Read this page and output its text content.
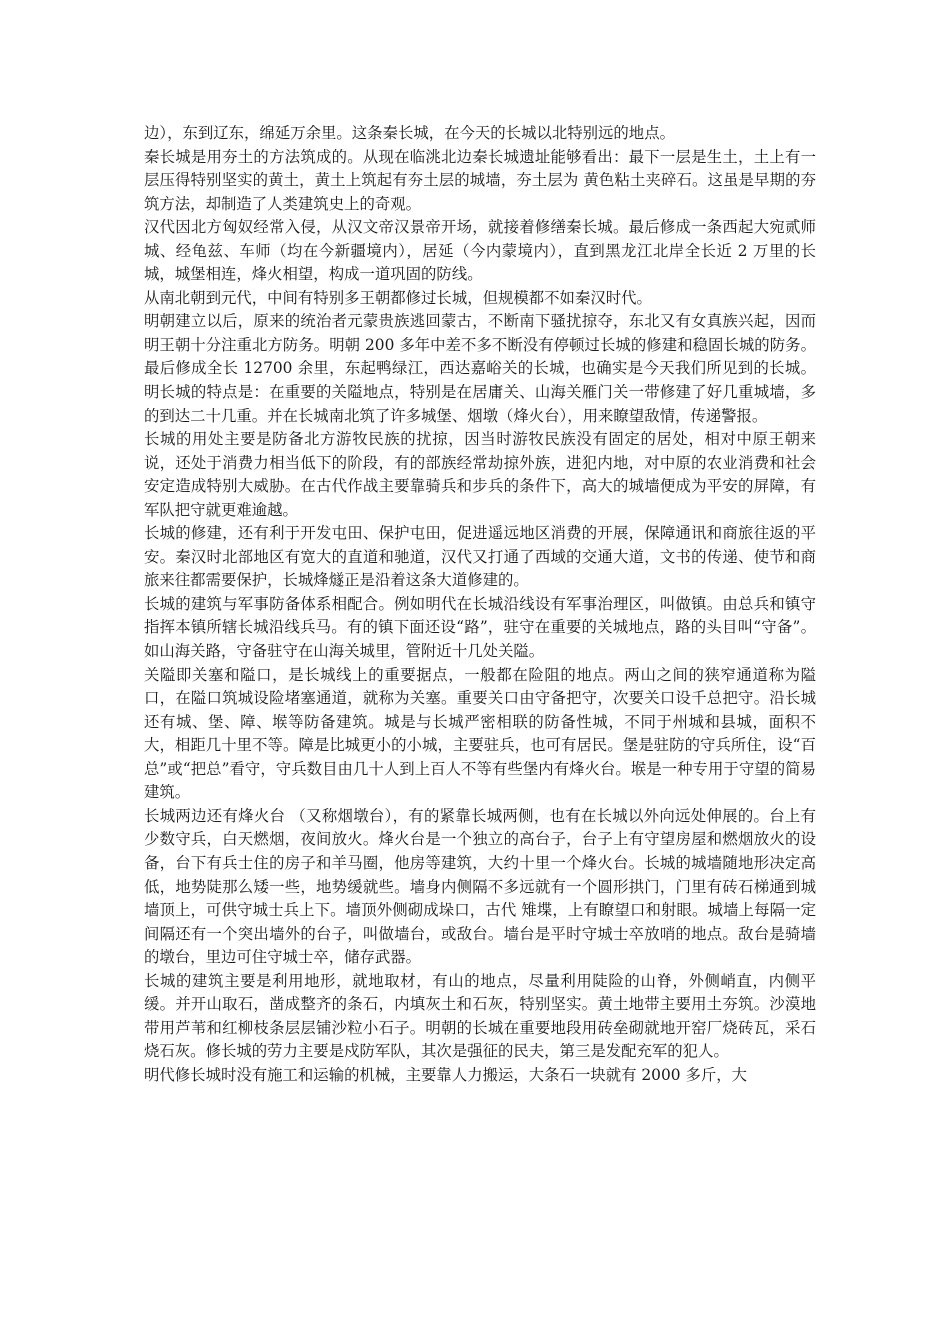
边），东到辽东，绵延万余里。这条秦长城，在今天的长城以北特别远的地点。

秦长城是用夯土的方法筑成的。从现在临洮北边秦长城遗址能够看出：最下一层是生土，土上有一层压得特别坚实的黄土，黄土上筑起有夯土层的城墙，夯土层为 黄色粘土夹碎石。这虽是早期的夯筑方法，却制造了人类建筑史上的奇观。

汉代因北方匈奴经常入侵，从汉文帝汉景帝开场，就接着修缮秦长城。最后修成一条西起大宛贰师城、经龟兹、车师（均在今新疆境内），居延（今内蒙境内），直到黑龙江北岸全长近 2 万里的长城，城堡相连，烽火相望，构成一道巩固的防线。

从南北朝到元代，中间有特别多王朝都修过长城，但规模都不如秦汉时代。

明朝建立以后，原来的统治者元蒙贵族逃回蒙古，不断南下骚扰掠夺，东北又有女真族兴起，因而明王朝十分注重北方防务。明朝 200 多年中差不多不断没有停顿过长城的修建和稳固长城的防务。最后修成全长 12700 余里，东起鸭绿江，西达嘉峪关的长城，也确实是今天我们所见到的长城。明长城的特点是：在重要的关隘地点，特别是在居庸关、山海关雁门关一带修建了好几重城墙，多的到达二十几重。并在长城南北筑了许多城堡、烟墩（烽火台），用来瞭望敌情，传递警报。

长城的用处主要是防备北方游牧民族的扰掠，因当时游牧民族没有固定的居处，相对中原王朝来说，还处于消费力相当低下的阶段，有的部族经常劫掠外族，进犯内地，对中原的农业消费和社会安定造成特别大威胁。在古代作战主要靠骑兵和步兵的条件下，高大的城墙便成为平安的屏障，有军队把守就更难逾越。

长城的修建，还有利于开发屯田、保护屯田，促进遥远地区消费的开展，保障通讯和商旅往返的平安。秦汉时北部地区有宽大的直道和驰道，汉代又打通了西域的交通大道，文书的传递、使节和商旅来往都需要保护，长城烽燧正是沿着这条大道修建的。

长城的建筑与军事防备体系相配合。例如明代在长城沿线设有军事治理区，叫做镇。由总兵和镇守指挥本镇所辖长城沿线兵马。有的镇下面还设“路”，驻守在重要的关城地点，路的头目叫“守备”。如山海关路，守备驻守在山海关城里，管附近十几处关隘。

关隘即关塞和隘口，是长城线上的重要据点，一般都在险阻的地点。两山之间的狭窄通道称为隘口，在隘口筑城设险堵塞通道，就称为关塞。重要关口由守备把守，次要关口设千总把守。沿长城还有城、堡、障、堠等防备建筑。城是与长城严密相联的防备性城，不同于州城和县城，面积不大，相距几十里不等。障是比城更小的小城，主要驻兵，也可有居民。堡是驻防的守兵所住，设“百总”或“把总”看守，守兵数目由几十人到上百人不等有些堡内有烽火台。堠是一种专用于守望的简易建筑。

长城两边还有烽火台 （又称烟墩台），有的紧靠长城两侧，也有在长城以外向远处伸展的。台上有少数守兵，白天燃烟，夜间放火。烽火台是一个独立的高台子，台子上有守望房屋和燃烟放火的设备，台下有兵士住的房子和羊马圈，他房等建筑，大约十里一个烽火台。长城的城墙随地形决定高低，地势陡那么矮一些，地势缓就些。墙身内侧隔不多远就有一个圆形拱门，门里有砖石梯通到城墙顶上，可供守城士兵上下。墙顶外侧砌成垛口，古代 雉堞，上有瞭望口和射眼。城墙上每隔一定间隔还有一个突出墙外的台子，叫做墙台，或敌台。墙台是平时守城士卒放哨的地点。敌台是骑墙的墩台，里边可住守城士卒，储存武器。

长城的建筑主要是利用地形，就地取材，有山的地点，尽量利用陡险的山脊，外侧峭直，内侧平缓。并开山取石，凿成整齐的条石，内填灰土和石灰，特别坚实。黄土地带主要用土夯筑。沙漠地带用芦苇和红柳枝条层层铺沙粒小石子。明朝的长城在重要地段用砖垒砌就地开窑厂烧砖瓦，采石烧石灰。修长城的劳力主要是戍防军队，其次是强征的民夫，第三是发配充军的犯人。

明代修长城时没有施工和运输的机械，主要靠人力搬运，大条石一块就有 2000 多斤，大
